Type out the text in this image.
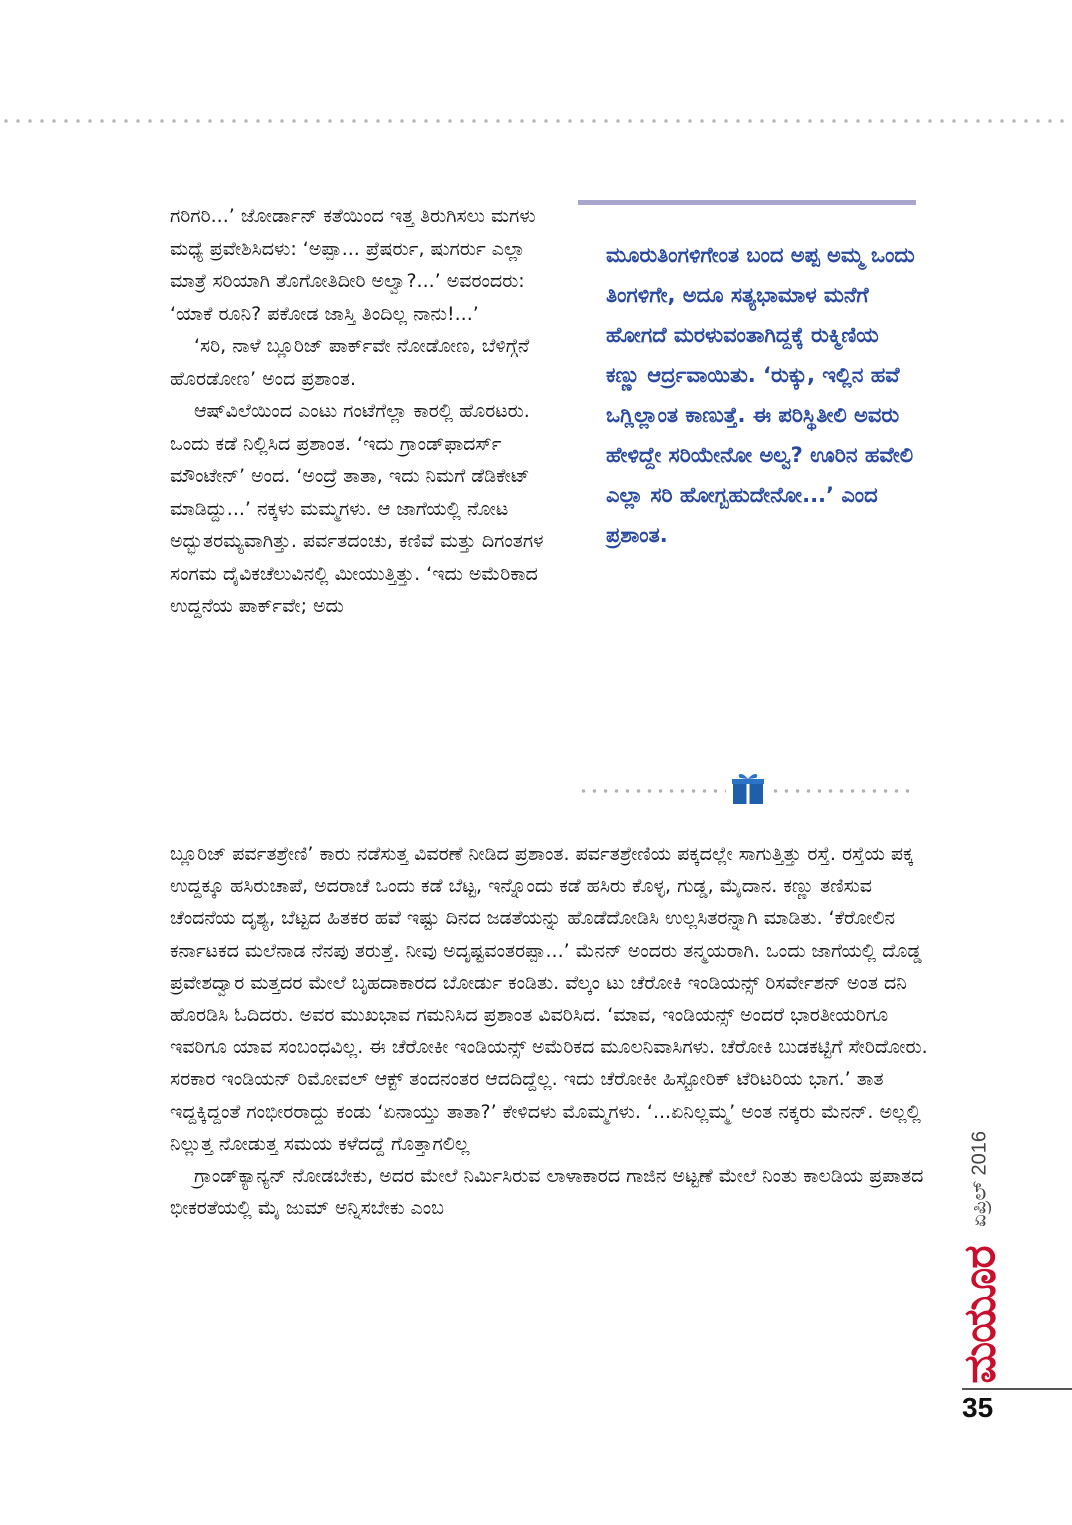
ಗರಿಗರಿ...’ ಜೋರ್ಡಾನ್ ಕತೆಯಿಂದ ಇತ್ತ ತಿರುಗಿಸಲು ಮಗಳು ಮಧ್ಯೆ ಪ್ರವೇಶಿಸಿದಳು: ‘ಅಪ್ಪಾ... ಪ್ರೆಷರ್ರು, ಷುಗರ್ರು ಎಲ್ಲಾ ಮಾತ್ರೆ ಸರಿಯಾಗಿ ತೊಗೋತಿದೀರಿ ಅಲ್ವಾ?...’ ಅವರಂದರು: ‘ಯಾಕೆ ರೂನಿ? ಪಕೋಡ ಜಾಸ್ತಿ ತಿಂದಿಲ್ಲ ನಾನು!...’

‘ಸರಿ, ನಾಳೆ ಬ್ಲೂರಿಜ್ ಪಾರ್ಕ್‌ವೇ ನೋಡೋಣ, ಬೆಳಿಗ್ಗೆನೆ ಹೊರಡೋಣ’ ಅಂದ ಪ್ರಶಾಂತ.

ಆಷ್‌ವಿಲೆಯಿಂದ ಎಂಟು ಗಂಟೆಗೆಲ್ಲಾ ಕಾರಲ್ಲಿ ಹೊರಟರು. ಒಂದು ಕಡೆ ನಿಲ್ಲಿಸಿದ ಪ್ರಶಾಂತ. ‘ಇದು ಗ್ರಾಂಡ್‌ಫಾದರ್ಸ್ ಮೌಂಟೇನ್’ ಅಂದ. ‘ಅಂದ್ರೆ ತಾತಾ, ಇದು ನಿಮಗೆ ಡೆಡಿಕೇಟ್ ಮಾಡಿದ್ದು...’ ನಕ್ಕಳು ಮಮ್ಮಗಳು. ಆ ಜಾಗೆಯಲ್ಲಿ ನೋಟ ಅದ್ಭುತರಮ್ಯವಾಗಿತ್ತು. ಪರ್ವತದಂಚು, ಕಣಿವೆ ಮತ್ತು ದಿಗಂತಗಳ ಸಂಗಮ ದೈವಿಕಚೆಲುವಿನಲ್ಲಿ ಮೀಯುತ್ತಿತ್ತು. ‘ಇದು ಅಮೆರಿಕಾದ ಉದ್ದನೆಯ ಪಾರ್ಕ್‌ವೇ; ಅದು

ಮೂರುತಿಂಗಳಿಗೇಂತ ಬಂದ ಅಪ್ಪ ಅಮ್ಮ ಒಂದು ತಿಂಗಳಿಗೇ, ಅದೂ ಸತ್ಯಭಾಮಾಳ ಮನೆಗೆ ಹೋಗದೆ ಮರಳುವಂತಾಗಿದ್ದಕ್ಕೆ ರುಕ್ಮಿಣಿಯ ಕಣ್ಣು ಆರ್ದ್ರವಾಯಿತು. ‘ರುಕ್ಕು, ಇಲ್ಲಿನ ಹವೆ ಒಗ್ಲಿಲ್ಲಾಂತ ಕಾಣುತ್ತೆ. ಈ ಪರಿಸ್ಥಿತೀಲಿ ಅವರು ಹೇಳಿದ್ದೇ ಸರಿಯೇನೋ ಅಲ್ವ? ಊರಿನ ಹವೇಲಿ ಎಲ್ಲಾ ಸರಿ ಹೋಗ್ಬಹುದೇನೋ...’ ಎಂದ ಪ್ರಶಾಂತ.

ಬ್ಲೂರಿಜ್ ಪರ್ವತಶ್ರೇಣಿ’ ಕಾರು ನಡೆಸುತ್ತ ವಿವರಣೆ ನೀಡಿದ ಪ್ರಶಾಂತ. ಪರ್ವತಶ್ರೇಣಿಯ ಪಕ್ಕದಲ್ಲೇ ಸಾಗುತ್ತಿತ್ತು ರಸ್ತೆ. ರಸ್ತೆಯ ಪಕ್ಕ ಉದ್ದಕ್ಕೂ ಹಸಿರುಚಾಪೆ, ಅದರಾಚೆ ಒಂದು ಕಡೆ ಬೆಟ್ಟ, ಇನ್ನೊಂದು ಕಡೆ ಹಸಿರು ಕೊಳ್ಳ, ಗುಡ್ಡ, ಮೈದಾನ. ಕಣ್ಣು ತಣಿಸುವ ಚೆಂದನೆಯ ದೃಶ್ಯ, ಬೆಟ್ಟದ ಹಿತಕರ ಹವೆ ಇಷ್ಟು ದಿನದ ಜಡತೆಯನ್ನು ಹೊಡೆದೋಡಿಸಿ ಉಲ್ಲಸಿತರನ್ನಾಗಿ ಮಾಡಿತು. ‘ಕೆರೋಲಿನ ಕರ್ನಾಟಕದ ಮಲೆನಾಡ ನೆನಪು ತರುತ್ತೆ. ನೀವು ಅದೃಷ್ಟವಂತರಪ್ಪಾ...’ ಮೆನನ್ ಅಂದರು ತನ್ಮಯರಾಗಿ. ಒಂದು ಜಾಗೆಯಲ್ಲಿ ದೊಡ್ಡ ಪ್ರವೇಶದ್ವಾರ ಮತ್ತದರ ಮೇಲೆ ಬೃಹದಾಕಾರದ ಬೋರ್ಡು ಕಂಡಿತು. ವೆಲ್ಕಂ ಟು ಚೆರೋಕಿ ಇಂಡಿಯನ್ಸ್ ರಿಸರ್ವೇಶನ್ ಅಂತ ದನಿ ಹೊರಡಿಸಿ ಓದಿದರು. ಅವರ ಮುಖಭಾವ ಗಮನಿಸಿದ ಪ್ರಶಾಂತ ವಿವರಿಸಿದ. ‘ಮಾವ, ಇಂಡಿಯನ್ಸ್ ಅಂದರೆ ಭಾರತೀಯರಿಗೂ ಇವರಿಗೂ ಯಾವ ಸಂಬಂಧವಿಲ್ಲ. ಈ ಚೆರೋಕೀ ಇಂಡಿಯನ್ಸ್ ಅಮೆರಿಕದ ಮೂಲನಿವಾಸಿಗಳು. ಚೆರೋಕಿ ಬುಡಕಟ್ಟಿಗೆ ಸೇರಿದೋರು. ಸರಕಾರ ಇಂಡಿಯನ್ ರಿಮೋವಲ್ ಆಕ್ಟ್ ತಂದನಂತರ ಆದದಿದ್ದೆಲ್ಲ. ಇದು ಚೆರೋಕೀ ಹಿಸ್ಟೋರಿಕ್ ಟೆರಿಟರಿಯ ಭಾಗ.’ ತಾತ ಇದ್ದಕ್ಕಿದ್ದಂತೆ ಗಂಭೀರರಾದ್ದು ಕಂಡು ‘ಏನಾಯ್ತು ತಾತಾ?’ ಕೇಳಿದಳು ಮೊಮ್ಮಗಳು. ‘...ಏನಿಲ್ಲಮ್ಮ’ ಅಂತ ನಕ್ಕರು ಮೆನನ್. ಅಲ್ಲಲ್ಲಿ ನಿಲ್ಲುತ್ತ ನೋಡುತ್ತ ಸಮಯ ಕಳೆದದ್ದೆ ಗೊತ್ತಾಗಲಿಲ್ಲ

ಗ್ರಾಂಡ್‌ಕ್ಯಾನ್ಯನ್ ನೋಡಬೇಕು, ಅದರ ಮೇಲೆ ನಿರ್ಮಿಸಿರುವ ಲಾಳಾಕಾರದ ಗಾಜಿನ ಅಟ್ಟಣೆ ಮೇಲೆ ನಿಂತು ಕಾಲಡಿಯ ಪ್ರಪಾತದ ಭೀಕರತೆಯಲ್ಲಿ ಮೈ ಜುಮ್ ಅನ್ನಿಸಬೇಕು ಎಂಬ	ಏಪ್ರಿಲ್ 2016
ಮಯೂರ
35
